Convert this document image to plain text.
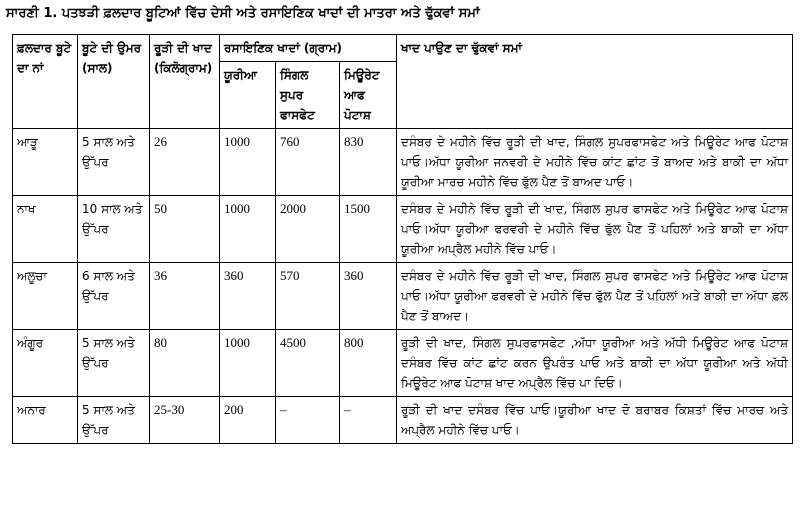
ਸਾਰਣੀ 1. ਪਤਝੜੀ ਫ਼ਲਦਾਰ ਬੂਟਿਆਂ ਵਿੱਚ ਦੇਸੀ ਅਤੇ ਰਸਾਇਣਿਕ ਖਾਦਾਂ ਦੀ ਮਾਤਰਾ ਅਤੇ ਢੁੱਕਵਾਂ ਸਮਾਂ
ਫ਼ਲਦਾਰ ਬੂਟੇ ਦਾ ਨਾਂ	ਬੂਟੇ ਦੀ ਉਮਰ (ਸਾਲ)	ਰੂੜੀ ਦੀ ਖਾਦ (ਕਿਲੋਗ੍ਰਾਮ)	ਰਸਾਇਣਿਕ ਖਾਦਾਂ (ਗ੍ਰਾਮ)			ਖਾਦ ਪਾਉਣ ਦਾ ਢੁੱਕਵਾਂ ਸਮਾਂ
			ਯੂਰੀਆ	ਸਿੰਗਲ ਸੁਪਰ ਫਾਸਫੇਟ	ਮਿਊਰੇਟ ਆਫ ਪੋਟਾਸ਼	
ਆੜੂ	5 ਸਾਲ ਅਤੇ ਉੱਪਰ	26	1000	760	830	ਦਸੰਬਰ ਦੇ ਮਹੀਨੇ ਵਿੱਚ ਰੂੜੀ ਦੀ ਖਾਦ, ਸਿੰਗਲ ਸੁਪਰਫਾਸਫੇਟ ਅਤੇ ਮਿਊਰੇਟ ਆਫ ਪੋਟਾਸ਼ ਪਾਓ।ਅੱਧਾ ਯੂਰੀਆ ਜਨਵਰੀ ਦੇ ਮਹੀਨੇ ਵਿੱਚ ਕਾਂਟ ਛਾਂਟ ਤੋਂ ਬਾਅਦ ਅਤੇ ਬਾਕੀ ਦਾ ਅੱਧਾ ਯੂਰੀਆ ਮਾਰਚ ਮਹੀਨੇ ਵਿੱਚ ਫੁੱਲ ਪੈਣ ਤੋਂ ਬਾਅਦ ਪਾਓ।
ਨਾਖ	10 ਸਾਲ ਅਤੇ ਉੱਪਰ	50	1000	2000	1500	ਦਸੰਬਰ ਦੇ ਮਹੀਨੇ ਵਿੱਚ ਰੂੜੀ ਦੀ ਖਾਦ, ਸਿੰਗਲ ਸੁਪਰ ਫਾਸਫੇਟ ਅਤੇ ਮਿਊਰੇਟ ਆਫ ਪੋਟਾਸ਼ ਪਾਓ।ਅੱਧਾ ਯੂਰੀਆ ਫਰਵਰੀ ਦੇ ਮਹੀਨੇ ਵਿੱਚ ਫੁੱਲ ਪੈਣ ਤੋਂ ਪਹਿਲਾਂ ਅਤੇ ਬਾਕੀ ਦਾ ਅੱਧਾ ਯੂਰੀਆ ਅਪ੍ਰੈਲ ਮਹੀਨੇ ਵਿੱਚ ਪਾਓ।
ਅਲੂਚਾ	6 ਸਾਲ ਅਤੇ ਉੱਪਰ	36	360	570	360	ਦਸੰਬਰ ਦੇ ਮਹੀਨੇ ਵਿੱਚ ਰੂੜੀ ਦੀ ਖਾਦ, ਸਿੰਗਲ ਸੁਪਰ ਫਾਸਫੇਟ ਅਤੇ ਮਿਊਰੇਟ ਆਫ ਪੋਟਾਸ਼ ਪਾਓ।ਅੱਧਾ ਯੂਰੀਆ ਫਰਵਰੀ ਦੇ ਮਹੀਨੇ ਵਿੱਚ ਫੁੱਲ ਪੈਣ ਤੋਂ ਪਹਿਲਾਂ ਅਤੇ ਬਾਕੀ ਦਾ ਅੱਧਾ ਫ਼ਲ ਪੈਣ ਤੋਂ ਬਾਅਦ।
ਅੰਗੂਰ	5 ਸਾਲ ਅਤੇ ਉੱਪਰ	80	1000	4500	800	ਰੂੜੀ ਦੀ ਖਾਦ, ਸਿੰਗਲ ਸੁਪਰਫਾਸਫੇਟ ,ਅੱਧਾ ਯੂਰੀਆ ਅਤੇ ਅੱਧੀ ਮਿਊਰੇਟ ਆਫ ਪੋਟਾਸ਼ ਦਸੰਬਰ ਵਿੱਚ ਕਾਂਟ ਛਾਂਟ ਕਰਨ ਉਪਰੰਤ ਪਾਓ ਅਤੇ ਬਾਕੀ ਦਾ ਅੱਧਾ ਯੂਰੀਆ ਅਤੇ ਅੱਧੀ ਮਿਊਰੇਟ ਆਫ ਪੋਟਾਸ਼ ਖਾਦ ਅਪ੍ਰੈਲ ਵਿੱਚ ਪਾ ਦਿਓ।
ਅਨਾਰ	5 ਸਾਲ ਅਤੇ ਉੱਪਰ	25-30	200	–	–	ਰੂੜੀ ਦੀ ਖਾਦ ਦਸੰਬਰ ਵਿੱਚ ਪਾਓ।ਯੂਰੀਆ ਖਾਦ ਦੋ ਬਰਾਬਰ ਕਿਸ਼ਤਾਂ ਵਿੱਚ ਮਾਰਚ ਅਤੇ ਅਪ੍ਰੈਲ ਮਹੀਨੇ ਵਿੱਚ ਪਾਓ।
